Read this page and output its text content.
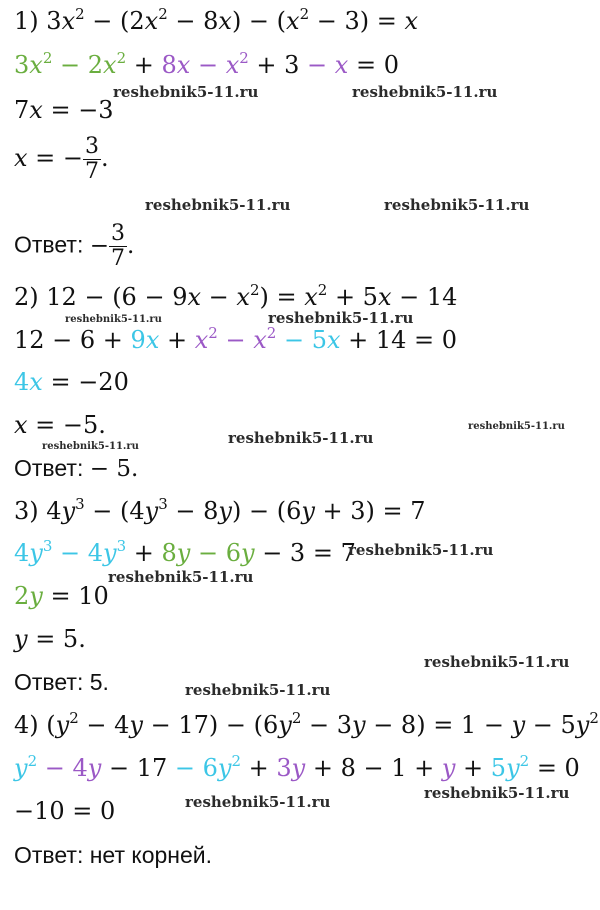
1) $3x^2 - (2x^2 - 8x) - (x^2 - 3) = x$
$3x^2 - 2x^2 + 8x - x^2 + 3 - x = 0$
7x = −3
x = − $\frac{3}{7}$ .
Ответ: − $\frac{3}{7}$ .
2) $12 - (6 - 9x - x^2) = x^2 + 5x - 14$
$12 - 6 + 9x + x^2 - x^2 - 5x + 14 = 0$
4x = −20
x = −5.
Ответ: − 5.
3) $4y^3 - (4y^3 - 8y) - (6y + 3) = 7$
$4y^3 - 4y^3 + 8y - 6y - 3 = 7$
2y = 10
y = 5.
Ответ: 5.
4) $(y^2 - 4y - 17) - (6y^2 - 3y - 8) = 1 - y - 5y^2$
$y^2 - 4y - 17 - 6y^2 + 3y + 8 - 1 + y + 5y^2 = 0$
−10 = 0
Ответ: нет корней.
reshebnik5-11.ru	reshebnik5-11.ru
reshebnik5-11.ru	reshebnik5-11.ru
reshebnik5-11.ru	reshebnik5-11.ru
reshebnik5-11.ru
reshebnik5-11.ru
reshebnik5-11.ru
reshebnik5-11.ru
reshebnik5-11.ru
reshebnik5-11.ru
reshebnik5-11.ru
reshebnik5-11.ru	reshebnik5-11.ru
